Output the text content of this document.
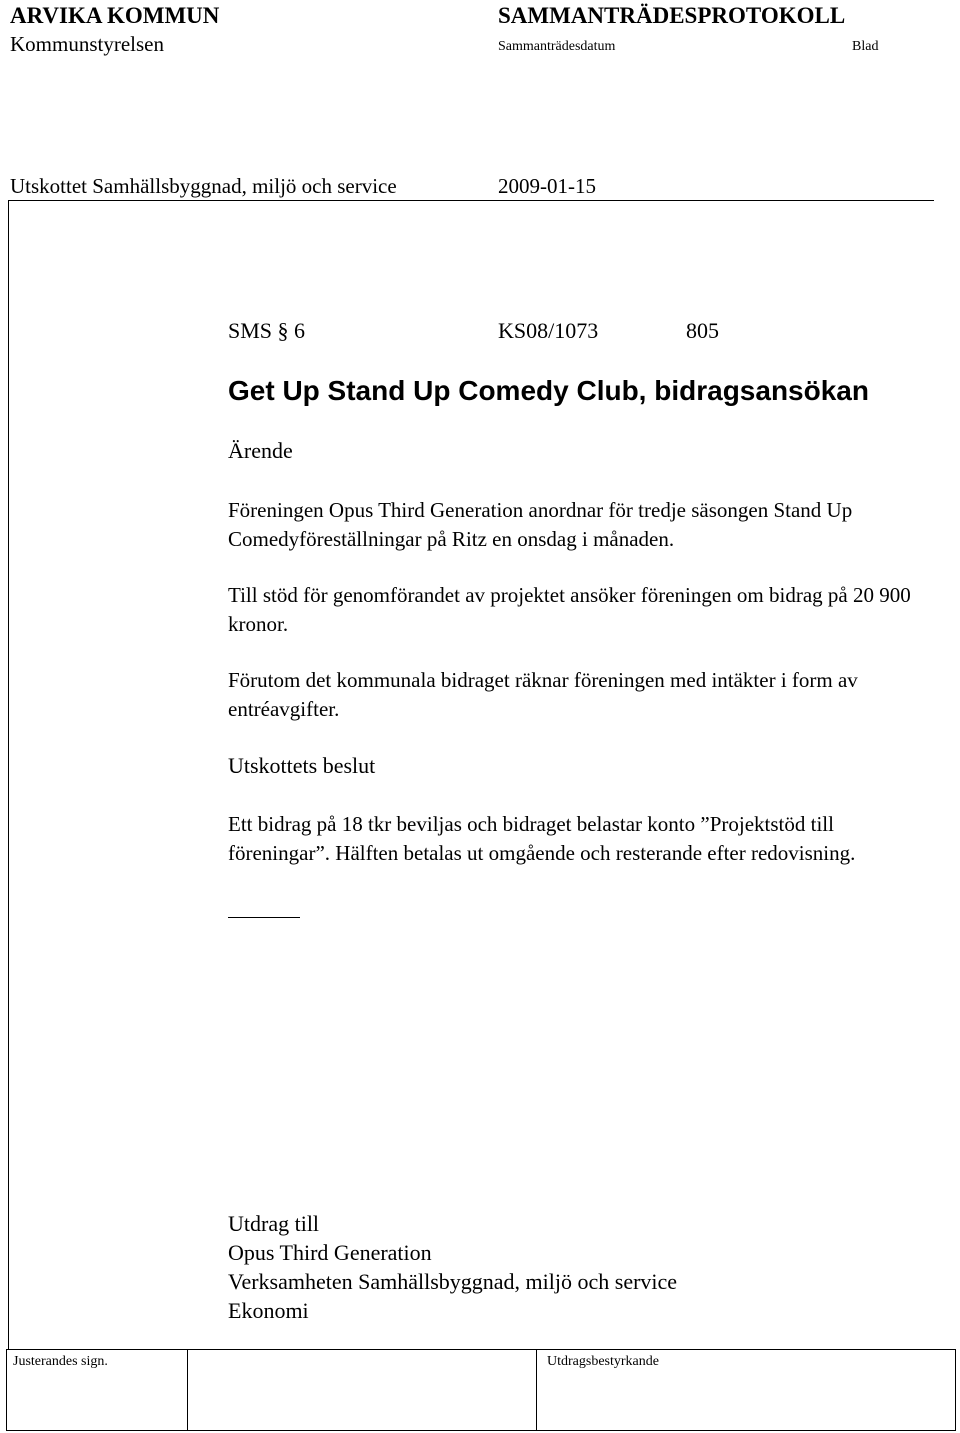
ARVIKA KOMMUN
Kommunstyrelsen
SAMMANTRÄDESPROTOKOLL
Sammanträdesdatum	Blad
Utskottet Samhällsbyggnad, miljö och service	2009-01-15
SMS § 6	KS08/1073	805
Get Up Stand Up Comedy Club, bidragsansökan
Ärende
Föreningen Opus Third Generation anordnar för tredje säsongen Stand Up Comedyföreställningar på Ritz en onsdag i månaden.
Till stöd för genomförandet av projektet ansöker föreningen om bidrag på 20 900 kronor.
Förutom det kommunala bidraget räknar föreningen med intäkter i form av entréavgifter.
Utskottets beslut
Ett bidrag på 18 tkr beviljas och bidraget belastar konto ”Projektstöd till föreningar”. Hälften betalas ut omgående och resterande efter redovisning.
Utdrag till
Opus Third Generation
Verksamheten Samhällsbyggnad, miljö och service
Ekonomi
Justerandes sign.	Utdragsbestyrkande
